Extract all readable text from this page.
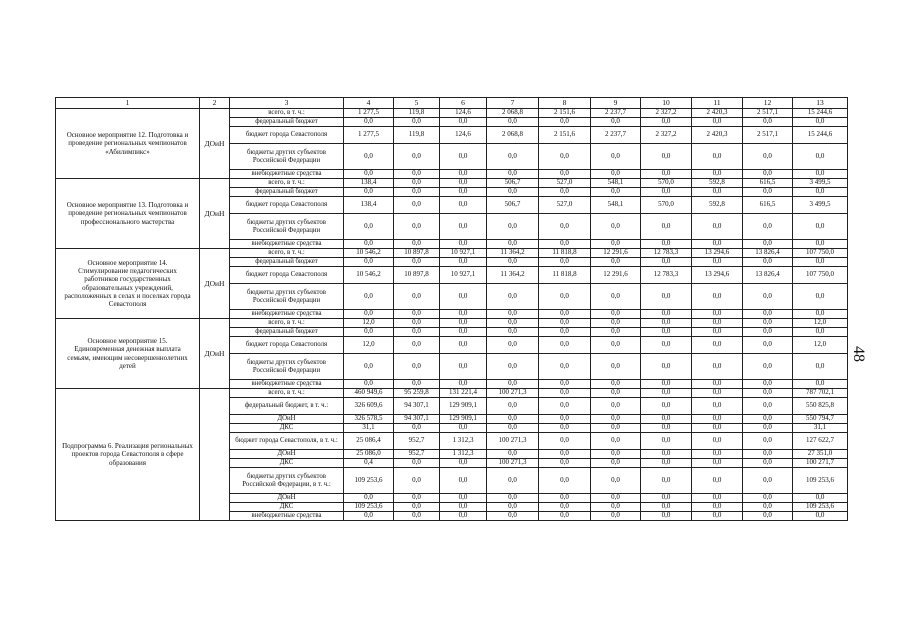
1	2	3	4	5	6	7	8	9	10	11	12	13
Основное мероприятие 12. Подготовка и проведение региональных чемпионатов «Абилимпикс»	ДОиН	всего, в т. ч.:	1 277,5	119,8	124,6	2 068,8	2 151,6	2 237,7	2 327,2	2 420,3	2 517,1	15 244,6
		федеральный бюджет	0,0	0,0	0,0	0,0	0,0	0,0	0,0	0,0	0,0	0,0
		бюджет города Севастополя	1 277,5	119,8	124,6	2 068,8	2 151,6	2 237,7	2 327,2	2 420,3	2 517,1	15 244,6
		бюджеты других субъектов Российской Федерации	0,0	0,0	0,0	0,0	0,0	0,0	0,0	0,0	0,0	0,0
		внебюджетные средства	0,0	0,0	0,0	0,0	0,0	0,0	0,0	0,0	0,0	0,0
Основное мероприятие 13. Подготовка и проведение региональных чемпионатов профессионального мастерства	ДОиН	всего, в т. ч.:	138,4	0,0	0,0	506,7	527,0	548,1	570,0	592,8	616,5	3 499,5
		федеральный бюджет	0,0	0,0	0,0	0,0	0,0	0,0	0,0	0,0	0,0	0,0
		бюджет города Севастополя	138,4	0,0	0,0	506,7	527,0	548,1	570,0	592,8	616,5	3 499,5
		бюджеты других субъектов Российской Федерации	0,0	0,0	0,0	0,0	0,0	0,0	0,0	0,0	0,0	0,0
		внебюджетные средства	0,0	0,0	0,0	0,0	0,0	0,0	0,0	0,0	0,0	0,0
Основное мероприятие 14. Стимулирование педагогических работников государственных образовательных учреждений, расположенных в селах и поселках города Севастополя	ДОиН	всего, в т. ч.:	10 546,2	10 897,8	10 927,1	11 364,2	11 818,8	12 291,6	12 783,3	13 294,6	13 826,4	107 750,0
		федеральный бюджет	0,0	0,0	0,0	0,0	0,0	0,0	0,0	0,0	0,0	0,0
		бюджет города Севастополя	10 546,2	10 897,8	10 927,1	11 364,2	11 818,8	12 291,6	12 783,3	13 294,6	13 826,4	107 750,0
		бюджеты других субъектов Российской Федерации	0,0	0,0	0,0	0,0	0,0	0,0	0,0	0,0	0,0	0,0
		внебюджетные средства	0,0	0,0	0,0	0,0	0,0	0,0	0,0	0,0	0,0	0,0
Основное мероприятие 15. Единовременная денежная выплата семьям, имеющим несовершеннолетних детей	ДОиН	всего, в т. ч.:	12,0	0,0	0,0	0,0	0,0	0,0	0,0	0,0	0,0	12,0
		федеральный бюджет	0,0	0,0	0,0	0,0	0,0	0,0	0,0	0,0	0,0	0,0
		бюджет города Севастополя	12,0	0,0	0,0	0,0	0,0	0,0	0,0	0,0	0,0	12,0
		бюджеты других субъектов Российской Федерации	0,0	0,0	0,0	0,0	0,0	0,0	0,0	0,0	0,0	0,0
		внебюджетные средства	0,0	0,0	0,0	0,0	0,0	0,0	0,0	0,0	0,0	0,0
Подпрограмма 6. Реализация региональных проектов города Севастополя в сфере образования		всего, в т. ч.:	460 949,6	95 259,8	131 221,4	100 271,3	0,0	0,0	0,0	0,0	0,0	787 702,1
		федеральный бюджет, в т. ч.:	326 609,6	94 307,1	129 909,1	0,0	0,0	0,0	0,0	0,0	0,0	550 825,8
		ДОиН	326 578,5	94 307,1	129 909,1	0,0	0,0	0,0	0,0	0,0	0,0	550 794,7
		ДКС	31,1	0,0	0,0	0,0	0,0	0,0	0,0	0,0	0,0	31,1
		бюджет города Севастополя, в т. ч.:	25 086,4	952,7	1 312,3	100 271,3	0,0	0,0	0,0	0,0	0,0	127 622,7
		ДОиН	25 086,0	952,7	1 312,3	0,0	0,0	0,0	0,0	0,0	0,0	27 351,0
		ДКС	0,4	0,0	0,0	100 271,3	0,0	0,0	0,0	0,0	0,0	100 271,7
		бюджеты других субъектов Российской Федерации, в т. ч.:	109 253,6	0,0	0,0	0,0	0,0	0,0	0,0	0,0	0,0	109 253,6
		ДОиН	0,0	0,0	0,0	0,0	0,0	0,0	0,0	0,0	0,0	0,0
		ДКС	109 253,6	0,0	0,0	0,0	0,0	0,0	0,0	0,0	0,0	109 253,6
		внебюджетные средства	0,0	0,0	0,0	0,0	0,0	0,0	0,0	0,0	0,0	0,0
48
